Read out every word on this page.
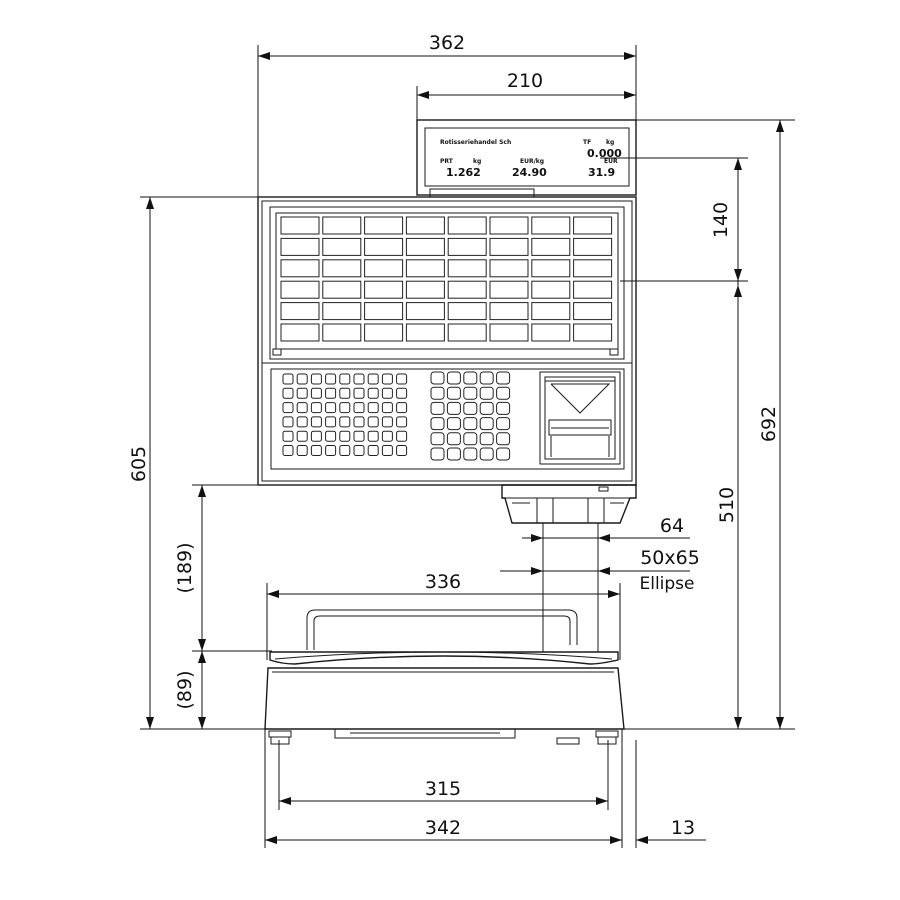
362
210
140
692
510
605
(189)
(89)
336
64
50x65
Ellipse
315
342	13
Rotisseriehandel Sch	TF kg
0.000
PRT	kg	EUR/kg	EUR
1.262	24.90	31.9
